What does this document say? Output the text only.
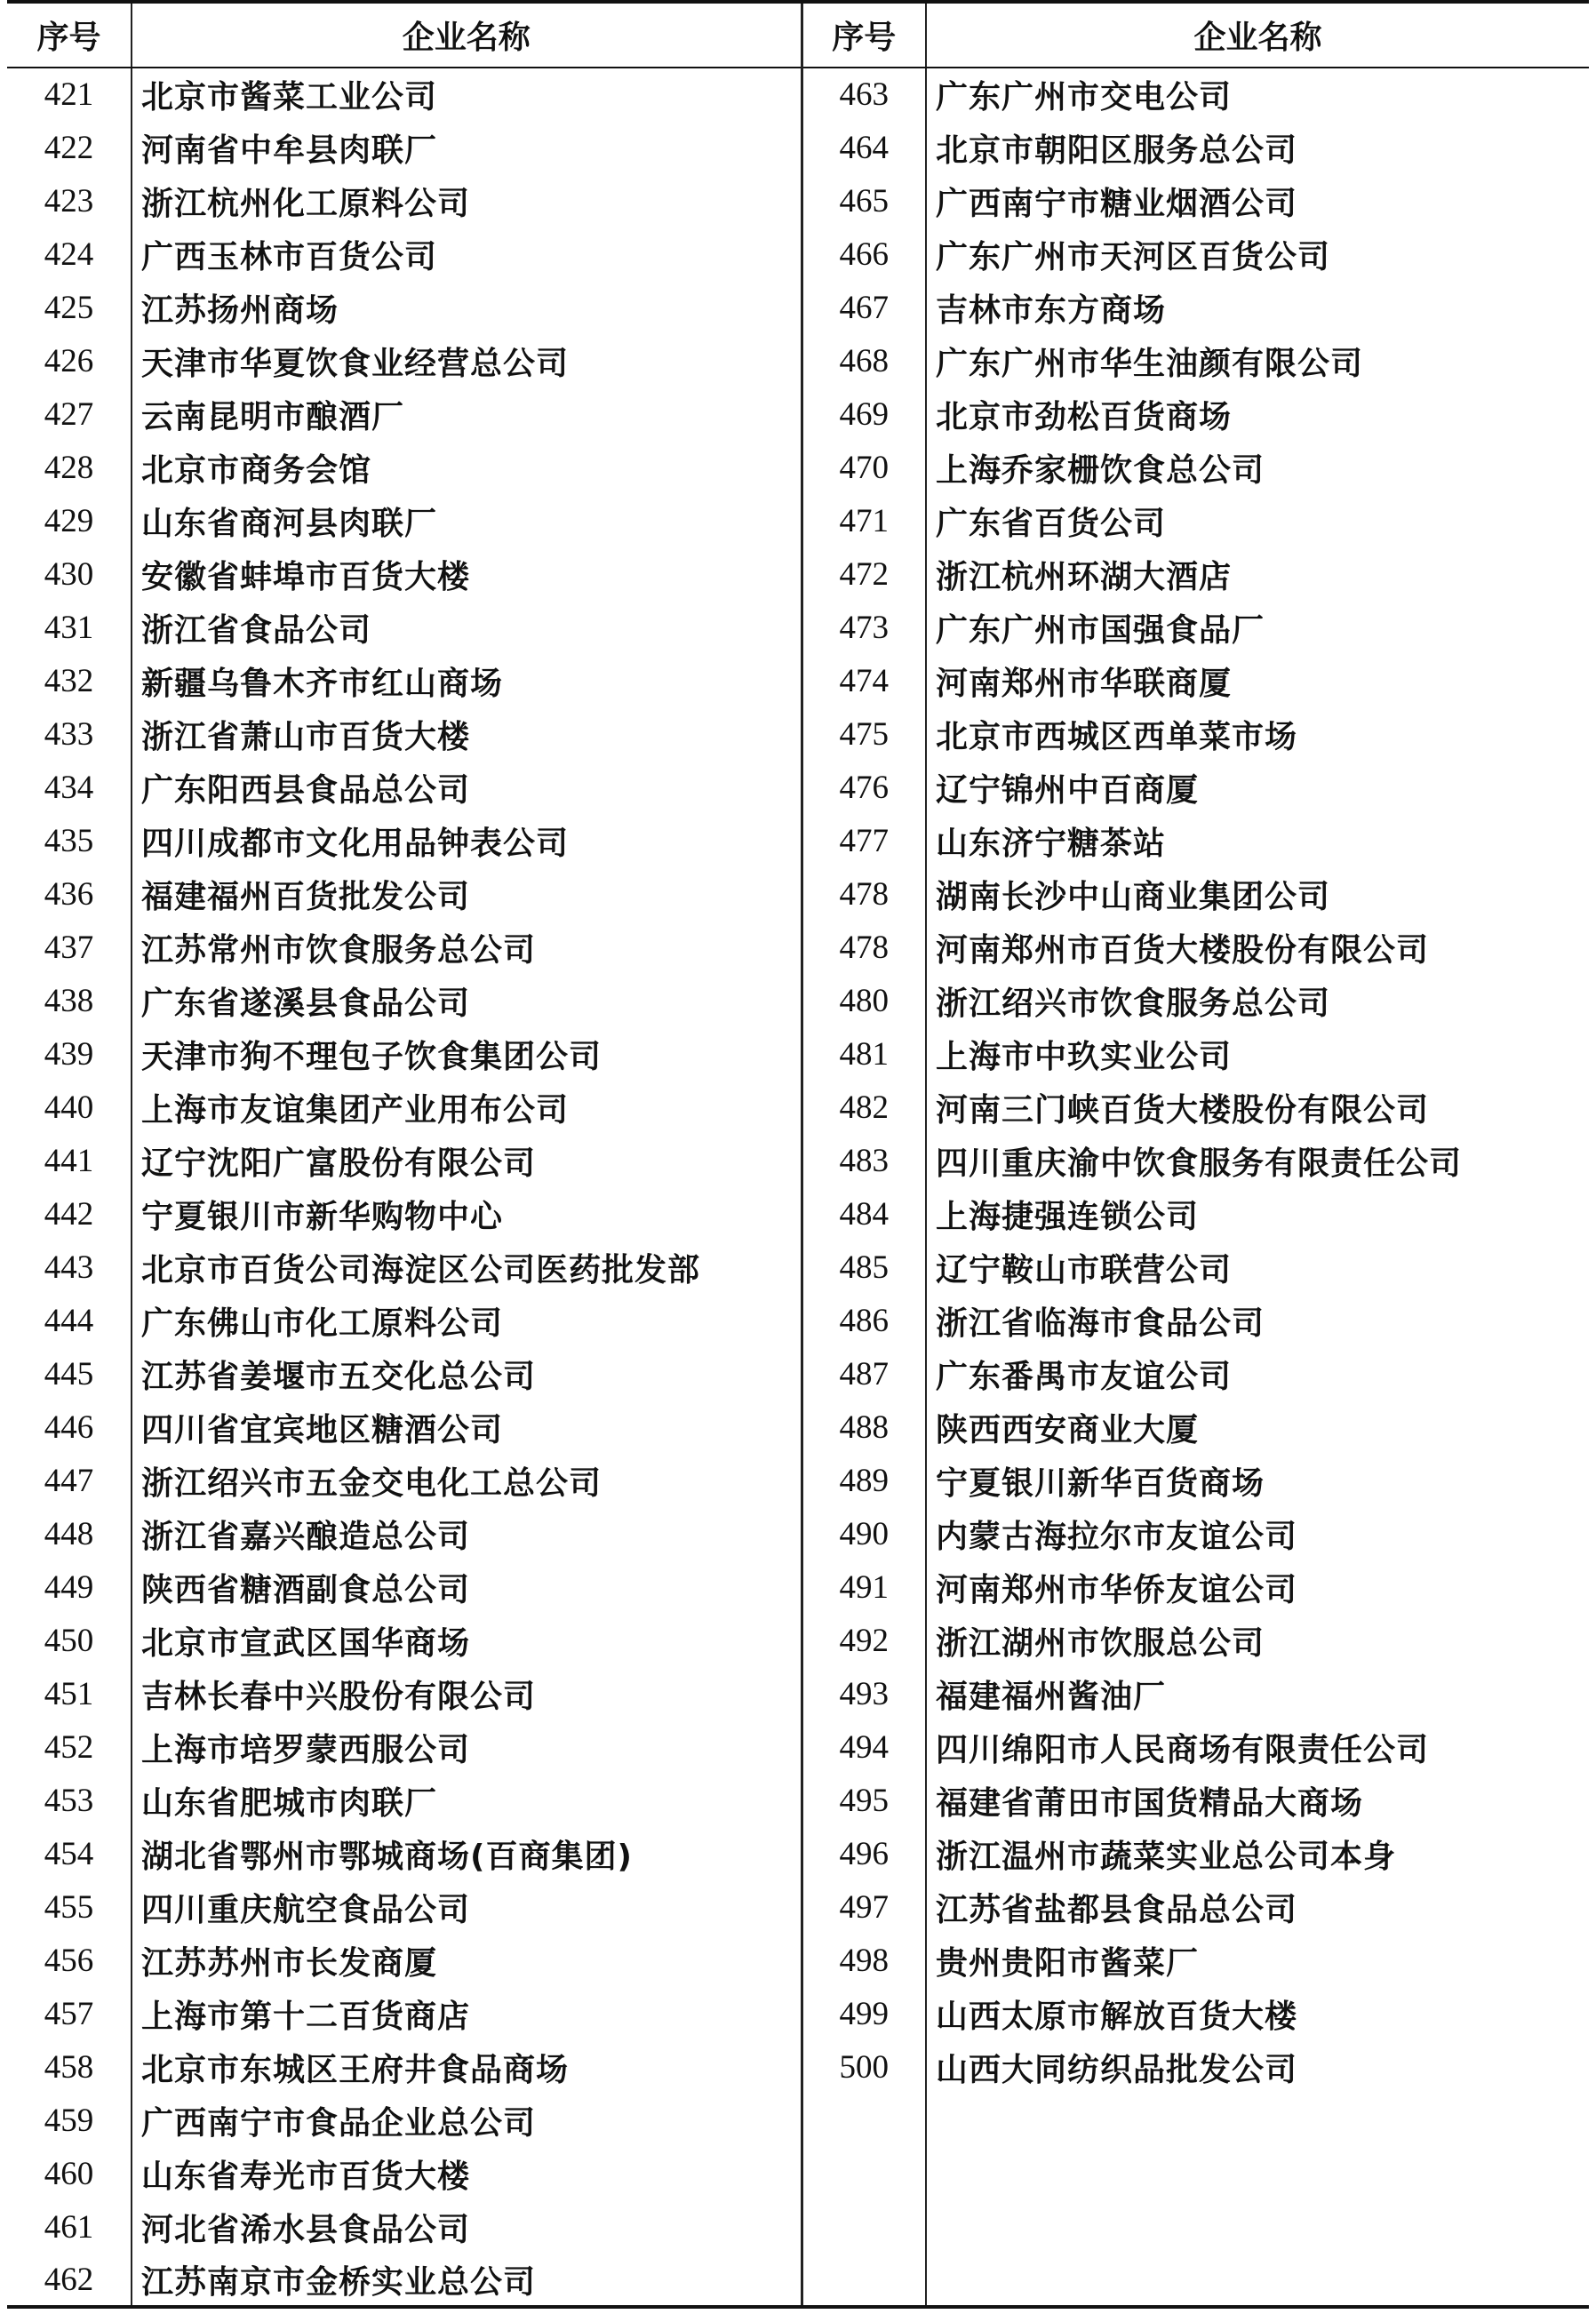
序号	企业名称	序号	企业名称
421	北京市酱菜工业公司	463	广东广州市交电公司
422	河南省中牟县肉联厂	464	北京市朝阳区服务总公司
423	浙江杭州化工原料公司	465	广西南宁市糖业烟酒公司
424	广西玉林市百货公司	466	广东广州市天河区百货公司
425	江苏扬州商场	467	吉林市东方商场
426	天津市华夏饮食业经营总公司	468	广东广州市华生油颜有限公司
427	云南昆明市酿酒厂	469	北京市劲松百货商场
428	北京市商务会馆	470	上海乔家栅饮食总公司
429	山东省商河县肉联厂	471	广东省百货公司
430	安徽省蚌埠市百货大楼	472	浙江杭州环湖大酒店
431	浙江省食品公司	473	广东广州市国强食品厂
432	新疆乌鲁木齐市红山商场	474	河南郑州市华联商厦
433	浙江省萧山市百货大楼	475	北京市西城区西单菜市场
434	广东阳西县食品总公司	476	辽宁锦州中百商厦
435	四川成都市文化用品钟表公司	477	山东济宁糖茶站
436	福建福州百货批发公司	478	湖南长沙中山商业集团公司
437	江苏常州市饮食服务总公司	478	河南郑州市百货大楼股份有限公司
438	广东省遂溪县食品公司	480	浙江绍兴市饮食服务总公司
439	天津市狗不理包子饮食集团公司	481	上海市中玖实业公司
440	上海市友谊集团产业用布公司	482	河南三门峡百货大楼股份有限公司
441	辽宁沈阳广富股份有限公司	483	四川重庆渝中饮食服务有限责任公司
442	宁夏银川市新华购物中心	484	上海捷强连锁公司
443	北京市百货公司海淀区公司医药批发部	485	辽宁鞍山市联营公司
444	广东佛山市化工原料公司	486	浙江省临海市食品公司
445	江苏省姜堰市五交化总公司	487	广东番禺市友谊公司
446	四川省宜宾地区糖酒公司	488	陕西西安商业大厦
447	浙江绍兴市五金交电化工总公司	489	宁夏银川新华百货商场
448	浙江省嘉兴酿造总公司	490	内蒙古海拉尔市友谊公司
449	陕西省糖酒副食总公司	491	河南郑州市华侨友谊公司
450	北京市宣武区国华商场	492	浙江湖州市饮服总公司
451	吉林长春中兴股份有限公司	493	福建福州酱油厂
452	上海市培罗蒙西服公司	494	四川绵阳市人民商场有限责任公司
453	山东省肥城市肉联厂	495	福建省莆田市国货精品大商场
454	湖北省鄂州市鄂城商场(百商集团)	496	浙江温州市蔬菜实业总公司本身
455	四川重庆航空食品公司	497	江苏省盐都县食品总公司
456	江苏苏州市长发商厦	498	贵州贵阳市酱菜厂
457	上海市第十二百货商店	499	山西太原市解放百货大楼
458	北京市东城区王府井食品商场	500	山西大同纺织品批发公司
459	广西南宁市食品企业总公司		
460	山东省寿光市百货大楼		
461	河北省浠水县食品公司		
462	江苏南京市金桥实业总公司		
